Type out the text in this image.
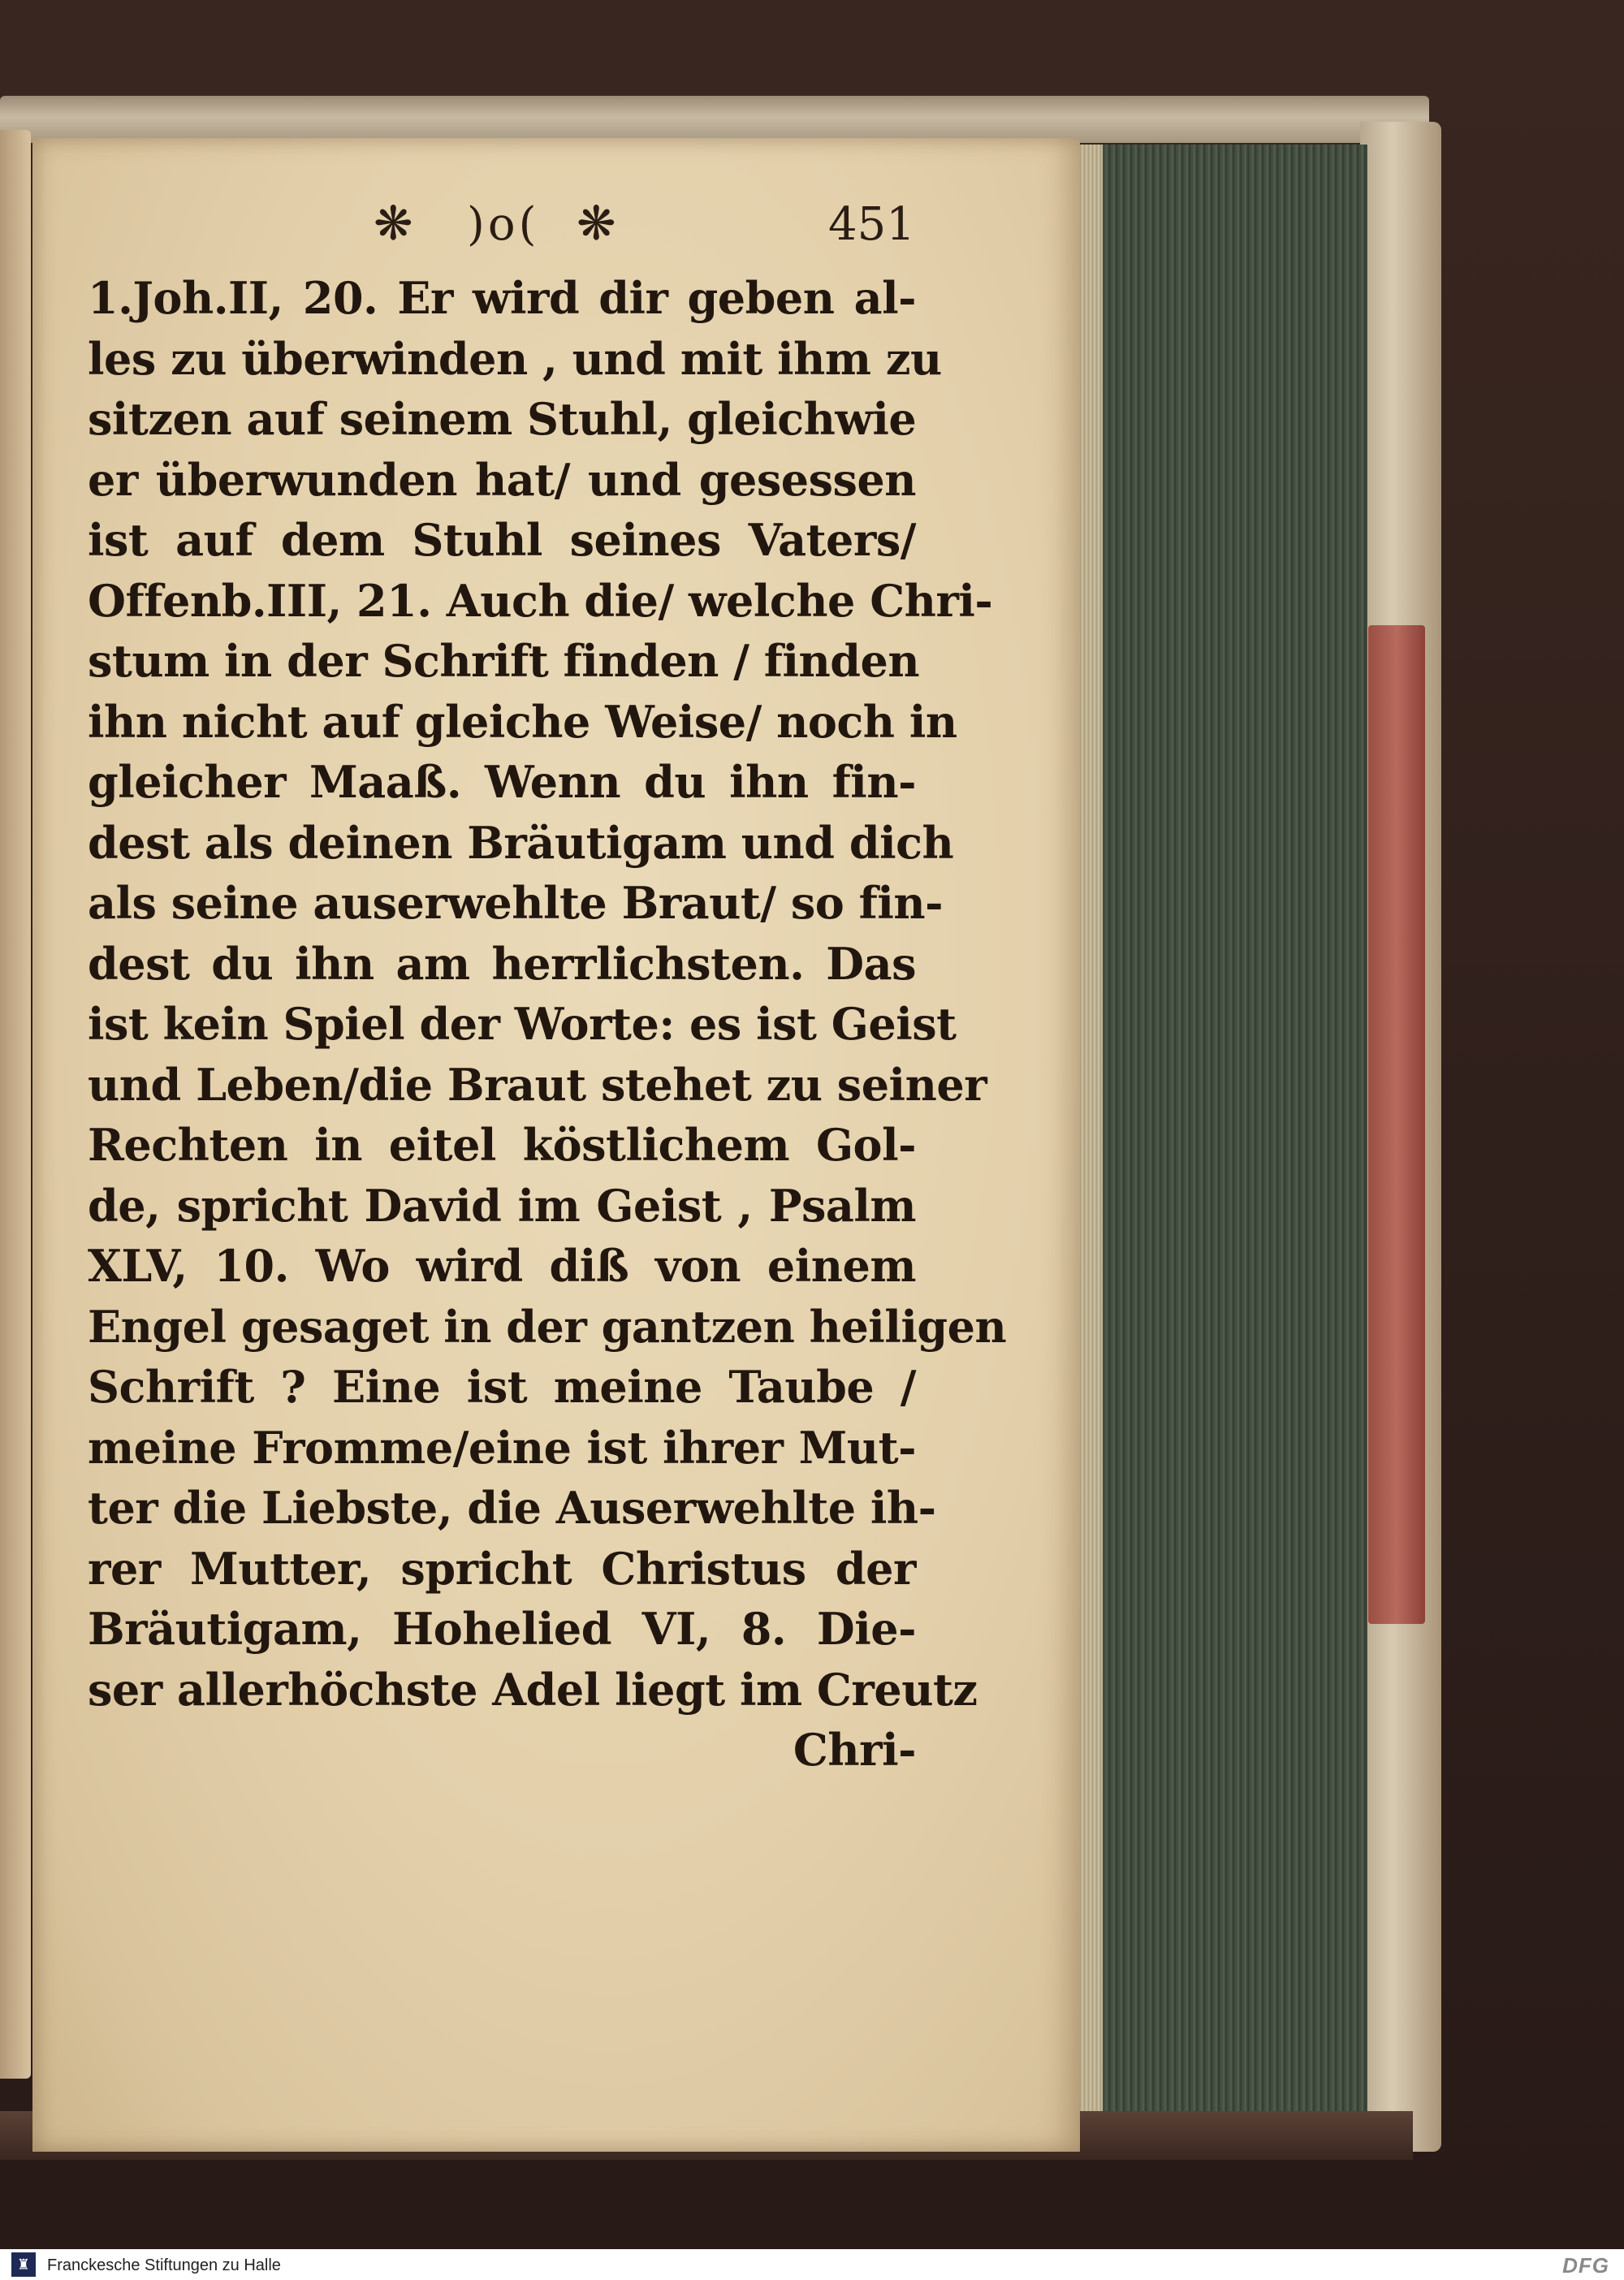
❋ )o( ❋	451
1.Joh.II, 20. Er wird dir geben al-
les zu überwinden , und mit ihm zu
sitzen auf seinem Stuhl, gleichwie
er überwunden hat/ und gesessen
ist auf dem Stuhl seines Vaters/
Offenb.III, 21. Auch die/ welche Chri-
stum in der Schrift finden / finden
ihn nicht auf gleiche Weise/ noch in
gleicher Maaß. Wenn du ihn fin-
dest als deinen Bräutigam und dich
als seine auserwehlte Braut/ so fin-
dest du ihn am herrlichsten. Das
ist kein Spiel der Worte: es ist Geist
und Leben/die Braut stehet zu seiner
Rechten in eitel köstlichem Gol-
de, spricht David im Geist , Psalm
XLV, 10. Wo wird diß von einem
Engel gesaget in der gantzen heiligen
Schrift ? Eine ist meine Taube /
meine Fromme/eine ist ihrer Mut-
ter die Liebste, die Auserwehlte ih-
rer Mutter, spricht Christus der
Bräutigam, Hohelied VI, 8. Die-
ser allerhöchste Adel liegt im Creutz
Chri-
♜	Franckesche Stiftungen zu Halle	DFG
